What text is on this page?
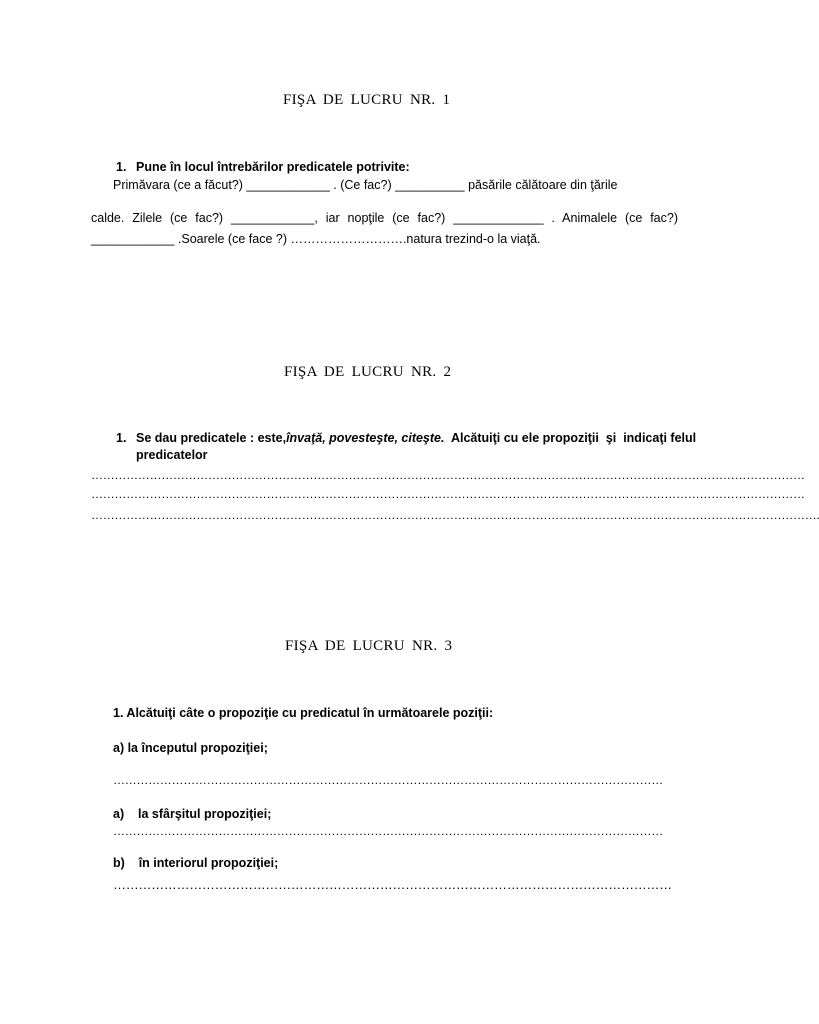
FIŞA DE LUCRU NR. 1
1. Pune în locul întrebărilor predicatele potrivite:
Primăvara (ce a făcut?) ____________ . (Ce fac?) __________ păsările călătoare din ţările
calde. Zilele (ce fac?) ____________, iar nopţile (ce fac?) _____________ . Animalele (ce fac?)
____________ .Soarele (ce face ?) ……………………….natura trezind-o la viaţă.
FIŞA DE LUCRU NR. 2
1. Se dau predicatele : este,învaţă, povesteşte, citeşte.  Alcătuiţi cu ele propoziţii  şi  indicaţi felul
predicatelor
…………………………………………………………………………………………………………………………………………………………………
…………………………………………………………………………………………………………………………………………………………………
…………………………………………………………………………………………………………………………………………………………………….
FIŞA DE LUCRU NR. 3
1. Alcătuiţi câte o propoziţie cu predicatul în următoarele poziţii:
a) la începutul propoziţiei;
……………………………………………………………………………………………………………………………
a)    la sfârşitul propoziţiei;
……………………………………………………………………………………………………………………………
b)    în interiorul propoziţiei;
……………………………………………………………………………………………………………………
